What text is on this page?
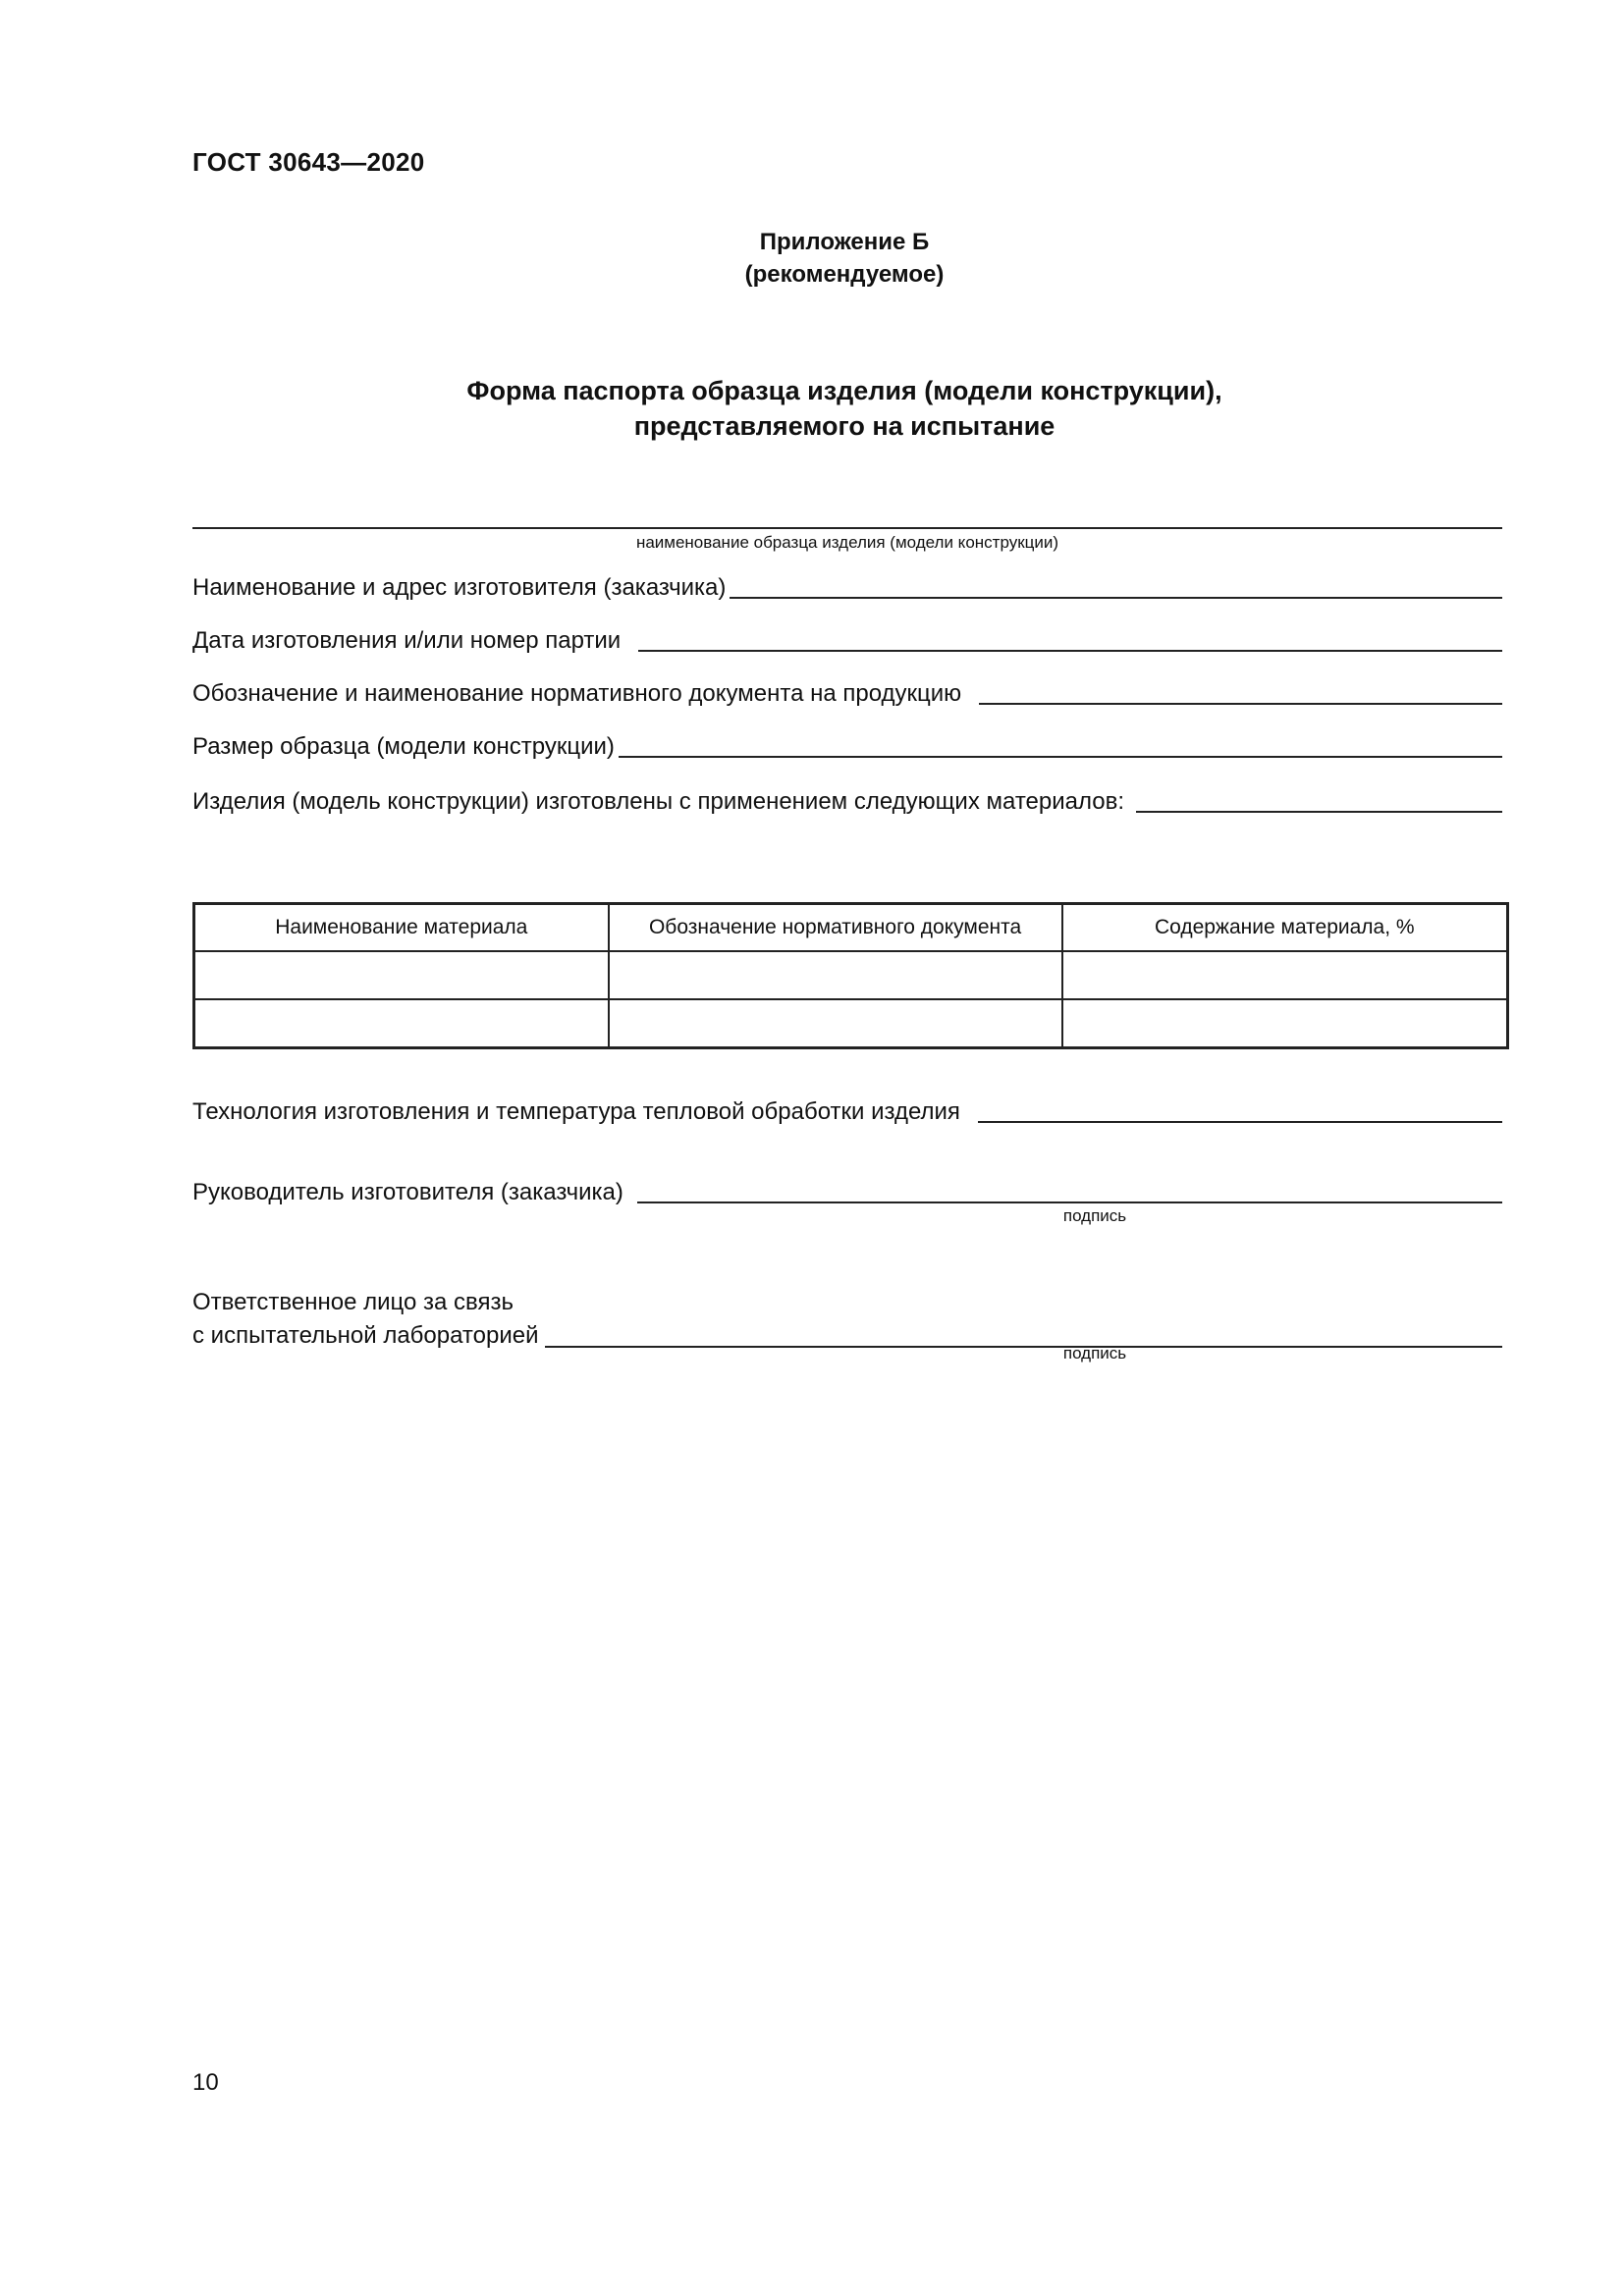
ГОСТ 30643—2020
Приложение Б
(рекомендуемое)
Форма паспорта образца изделия (модели конструкции),
представляемого на испытание
наименование образца изделия (модели конструкции)
Наименование и адрес изготовителя (заказчика)
Дата изготовления и/или номер партии
Обозначение и наименование нормативного документа на продукцию
Размер образца (модели конструкции)
Изделия (модель конструкции) изготовлены с применением следующих материалов:
Наименование материала	Обозначение нормативного документа	Содержание материала, %

Технология изготовления и температура тепловой обработки изделия
Руководитель изготовителя (заказчика)
подпись
Ответственное лицо за связь
с испытательной лабораторией
подпись
10
